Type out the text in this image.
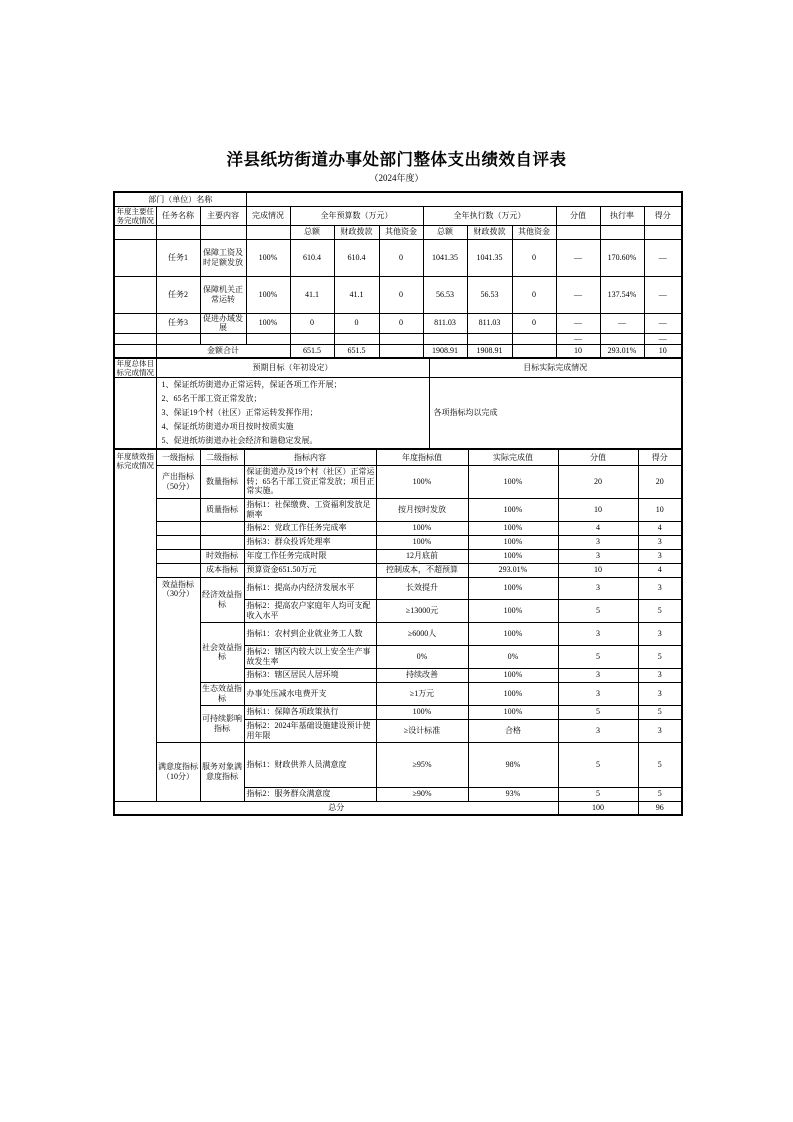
洋县纸坊街道办事处部门整体支出绩效自评表
（2024年度）
部门（单位）名称												
年度主要任务完成情况	任务名称	主要内容	完成情况	全年预算数（万元）			全年执行数（万元）			分值	执行率	得分
				总额	财政拨款	其他资金	总额	财政拨款	其他资金			
	任务1	保障工资及时足额发放	100%	610.4	610.4	0	1041.35	1041.35	0	—	170.60%	—
	任务2	保障机关正常运转	100%	41.1	41.1	0	56.53	56.53	0	—	137.54%	—
	任务3	促进办域发展	100%	0	0	0	811.03	811.03	0	—	—	—
										—		—
	金额合计			651.5	651.5		1908.91	1908.91		10	293.01%	10
年度总体目标完成情况	预期目标（年初设定）	目标实际完成情况

	1、保证纸坊街道办正常运转，保证各项工作开展；
2、65名干部工资正常发放；
3、保证19个村（社区）正常运转发挥作用；
4、保证纸坊街道办项目按时按质实施
5、促进纸坊街道办社会经济和谐稳定发展。	各项指标均以完成
年度绩效指标完成情况	一级指标	二级指标	指标内容	年度指标值	实际完成值	分值	得分
	产出指标（50分）	数量指标	保证街道办及19个村（社区）正常运转；65名干部工资正常发放；项目正常实施。	100%	100%	20	20
		质量指标	指标1：社保缴费、工资福利发放足额率	按月按时发放	100%	10	10
			指标2：党政工作任务完成率	100%	100%	4	4
			指标3：群众投诉处理率	100%	100%	3	3
		时效指标	年度工作任务完成时限	12月底前	100%	3	3
		成本指标	预算资金651.50万元	控制成本，不超预算	293.01%	10	4
	效益指标（30分）	经济效益指标	指标1：提高办内经济发展水平	长效提升	100%	3	3
			指标2：提高农户家庭年人均可支配收入水平	≥13000元	100%	5	5
		社会效益指标	指标1：农村到企业就业务工人数	≥6000人	100%	3	3
			指标2：辖区内较大以上安全生产事故发生率	0%	0%	5	5
			指标3：辖区居民人居环境	持续改善	100%	3	3
		生态效益指标	办事处压减水电费开支	≥1万元	100%	3	3
		可持续影响指标	指标1：保障各项政策执行	100%	100%	5	5
			指标2：2024年基础设施建设预计使用年限	≥设计标准	合格	3	3
	满意度指标（10分）	服务对象满意度指标	指标1：财政供养人员满意度	≥95%	98%	5	5
			指标2：服务群众满意度	≥90%	93%	5	5
总分						100	96
